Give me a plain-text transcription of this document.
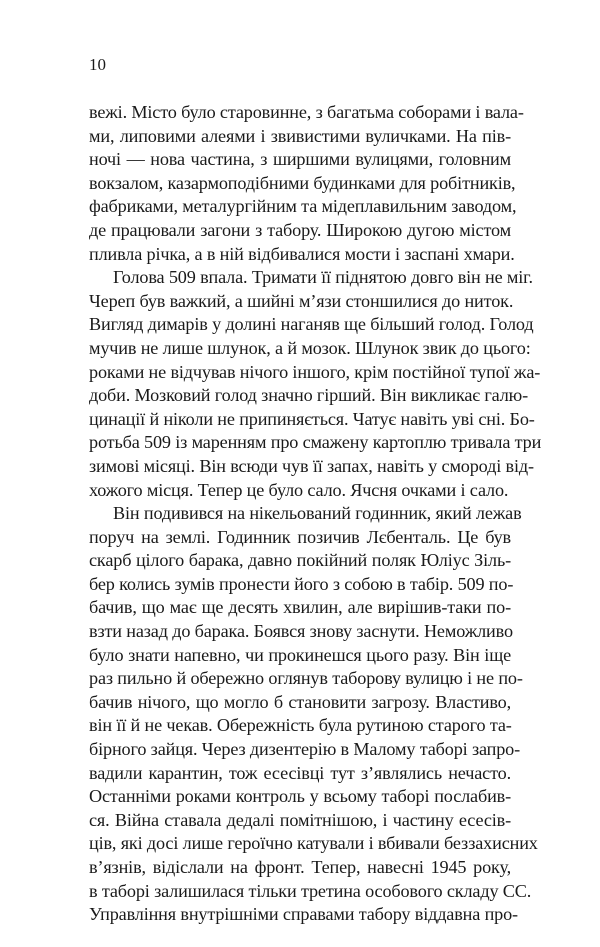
10
вежі. Місто було старовинне, з багатьма соборами і вала-
ми, липовими алеями і звивистими вуличками. На пів-
ночі — нова частина, з ширшими вулицями, головним
вокзалом, казармоподібними будинками для робітників,
фабриками, металургійним та мідеплавильним заводом,
де працювали загони з табору. Широкою дугою містом
пливла річка, а в ній відбивалися мости і заспані хмари.
Голова 509 впала. Тримати її піднятою довго він не міг.
Череп був важкий, а шийні м’язи стоншилися до ниток.
Вигляд димарів у долині наганяв ще більший голод. Голод
мучив не лише шлунок, а й мозок. Шлунок звик до цього:
роками не відчував нічого іншого, крім постійної тупої жа-
доби. Мозковий голод значно гірший. Він викликає галю-
цинації й ніколи не припиняється. Чатує навіть уві сні. Бо-
ротьба 509 із маренням про смажену картоплю тривала три
зимові місяці. Він всюди чув її запах, навіть у смороді від-
хожого місця. Тепер це було сало. Ячсня очками і сало.
Він подивився на нікельований годинник, який лежав
поруч на землі. Годинник позичив Лєбенталь. Це був
скарб цілого барака, давно покійний поляк Юліус Зіль-
бер колись зумів пронести його з собою в табір. 509 по-
бачив, що має ще десять хвилин, але вирішив-таки по-
взти назад до барака. Боявся знову заснути. Неможливо
було знати напевно, чи прокинешся цього разу. Він іще
раз пильно й обережно оглянув таборову вулицю і не по-
бачив нічого, що могло б становити загрозу. Властиво,
він її й не чекав. Обережність була рутиною старого та-
бірного зайця. Через дизентерію в Малому таборі запро-
вадили карантин, тож есесівці тут з’являлись нечасто.
Останніми роками контроль у всьому таборі послабив-
ся. Війна ставала дедалі помітнішою, і частину есесів-
ців, які досі лише героїчно катували і вбивали беззахисних
в’язнів, відіслали на фронт. Тепер, навесні 1945 року,
в таборі залишилася тільки третина особового складу СС.
Управління внутрішніми справами табору віддавна про-
